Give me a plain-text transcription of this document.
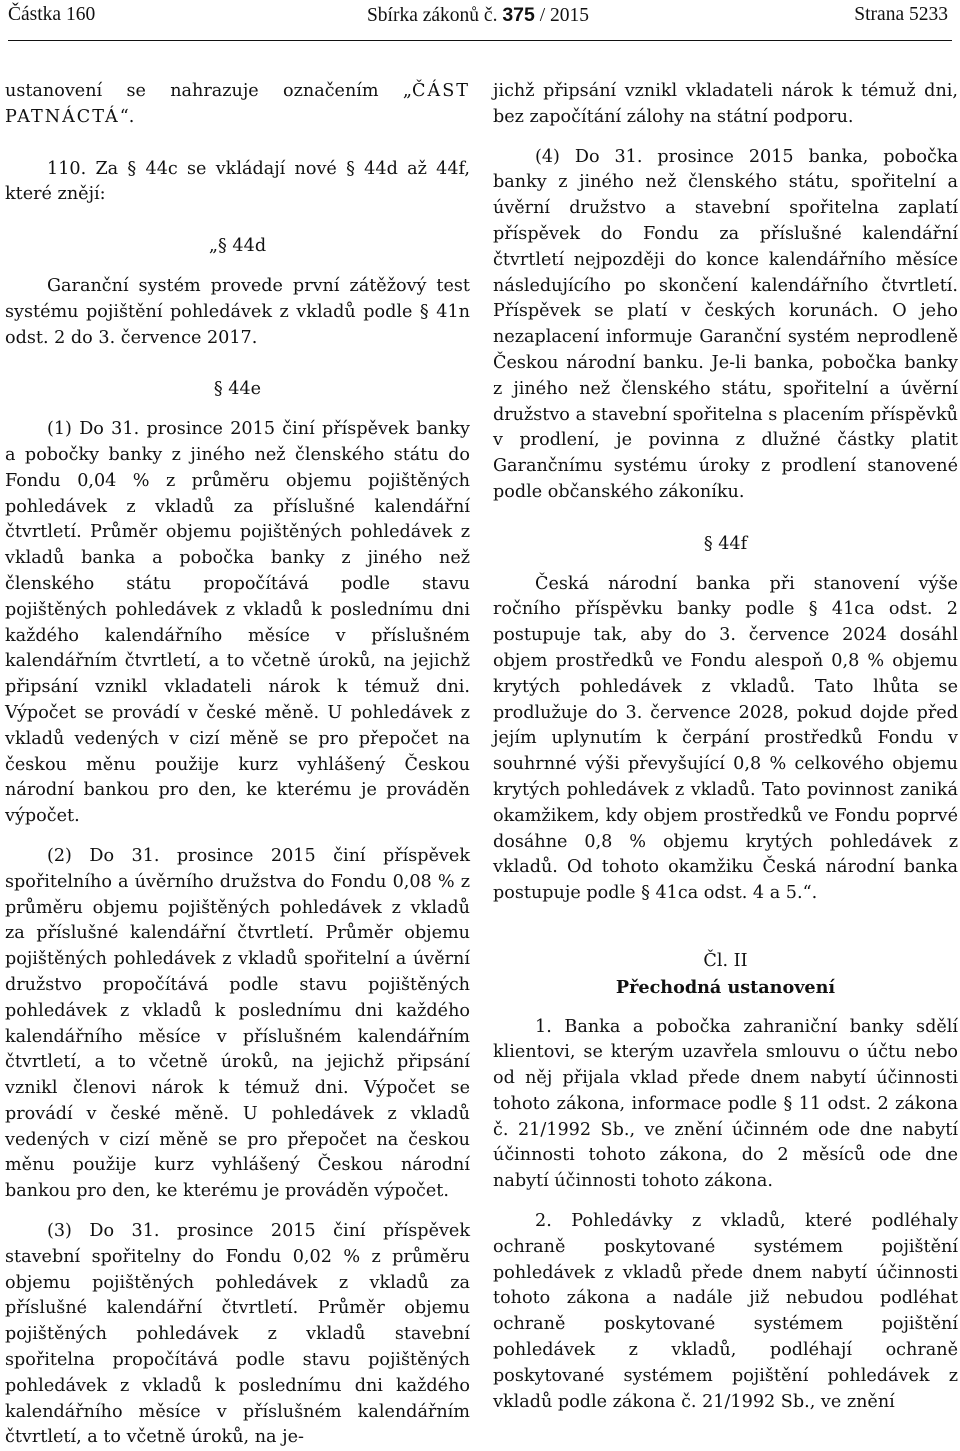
Částka 160	Sbírka zákonů č. 375 / 2015	Strana 5233

ustanovení se nahrazuje označením „ČÁST PATNÁCTÁ“.

110. Za § 44c se vkládají nové § 44d až 44f, které znějí:

„§ 44d

Garanční systém provede první zátěžový test systému pojištění pohledávek z vkladů podle § 41n odst. 2 do 3. července 2017.

§ 44e

(1) Do 31. prosince 2015 činí příspěvek banky a pobočky banky z jiného než členského státu do Fondu 0,04 % z průměru objemu pojištěných pohledávek z vkladů za příslušné kalendářní čtvrtletí. Průměr objemu pojištěných pohledávek z vkladů banka a pobočka banky z jiného než členského státu propočítává podle stavu pojištěných pohledávek z vkladů k poslednímu dni každého kalendářního měsíce v příslušném kalendářním čtvrtletí, a to včetně úroků, na jejichž připsání vznikl vkladateli nárok k témuž dni. Výpočet se provádí v české měně. U pohledávek z vkladů vedených v cizí měně se pro přepočet na českou měnu použije kurz vyhlášený Českou národní bankou pro den, ke kterému je prováděn výpočet.

(2) Do 31. prosince 2015 činí příspěvek spořitelního a úvěrního družstva do Fondu 0,08 % z průměru objemu pojištěných pohledávek z vkladů za příslušné kalendářní čtvrtletí. Průměr objemu pojištěných pohledávek z vkladů spořitelní a úvěrní družstvo propočítává podle stavu pojištěných pohledávek z vkladů k poslednímu dni každého kalendářního měsíce v příslušném kalendářním čtvrtletí, a to včetně úroků, na jejichž připsání vznikl členovi nárok k témuž dni. Výpočet se provádí v české měně. U pohledávek z vkladů vedených v cizí měně se pro přepočet na českou měnu použije kurz vyhlášený Českou národní bankou pro den, ke kterému je prováděn výpočet.

(3) Do 31. prosince 2015 činí příspěvek stavební spořitelny do Fondu 0,02 % z průměru objemu pojištěných pohledávek z vkladů za příslušné kalendářní čtvrtletí. Průměr objemu pojištěných pohledávek z vkladů stavební spořitelna propočítává podle stavu pojištěných pohledávek z vkladů k poslednímu dni každého kalendářního měsíce v příslušném kalendářním čtvrtletí, a to včetně úroků, na je-

jichž připsání vznikl vkladateli nárok k témuž dni, bez započítání zálohy na státní podporu.

(4) Do 31. prosince 2015 banka, pobočka banky z jiného než členského státu, spořitelní a úvěrní družstvo a stavební spořitelna zaplatí příspěvek do Fondu za příslušné kalendářní čtvrtletí nejpozději do konce kalendářního měsíce následujícího po skončení kalendářního čtvrtletí. Příspěvek se platí v českých korunách. O jeho nezaplacení informuje Garanční systém neprodleně Českou národní banku. Je-li banka, pobočka banky z jiného než členského státu, spořitelní a úvěrní družstvo a stavební spořitelna s placením příspěvků v prodlení, je povinna z dlužné částky platit Garančnímu systému úroky z prodlení stanovené podle občanského zákoníku.

§ 44f

Česká národní banka při stanovení výše ročního příspěvku banky podle § 41ca odst. 2 postupuje tak, aby do 3. července 2024 dosáhl objem prostředků ve Fondu alespoň 0,8 % objemu krytých pohledávek z vkladů. Tato lhůta se prodlužuje do 3. července 2028, pokud dojde před jejím uplynutím k čerpání prostředků Fondu v souhrnné výši převyšující 0,8 % celkového objemu krytých pohledávek z vkladů. Tato povinnost zaniká okamžikem, kdy objem prostředků ve Fondu poprvé dosáhne 0,8 % objemu krytých pohledávek z vkladů. Od tohoto okamžiku Česká národní banka postupuje podle § 41ca odst. 4 a 5.“.

Čl. II

Přechodná ustanovení

1. Banka a pobočka zahraniční banky sdělí klientovi, se kterým uzavřela smlouvu o účtu nebo od něj přijala vklad přede dnem nabytí účinnosti tohoto zákona, informace podle § 11 odst. 2 zákona č. 21/1992 Sb., ve znění účinném ode dne nabytí účinnosti tohoto zákona, do 2 měsíců ode dne nabytí účinnosti tohoto zákona.

2. Pohledávky z vkladů, které podléhaly ochraně poskytované systémem pojištění pohledávek z vkladů přede dnem nabytí účinnosti tohoto zákona a nadále již nebudou podléhat ochraně poskytované systémem pojištění pohledávek z vkladů, podléhají ochraně poskytované systémem pojištění pohledávek z vkladů podle zákona č. 21/1992 Sb., ve znění
